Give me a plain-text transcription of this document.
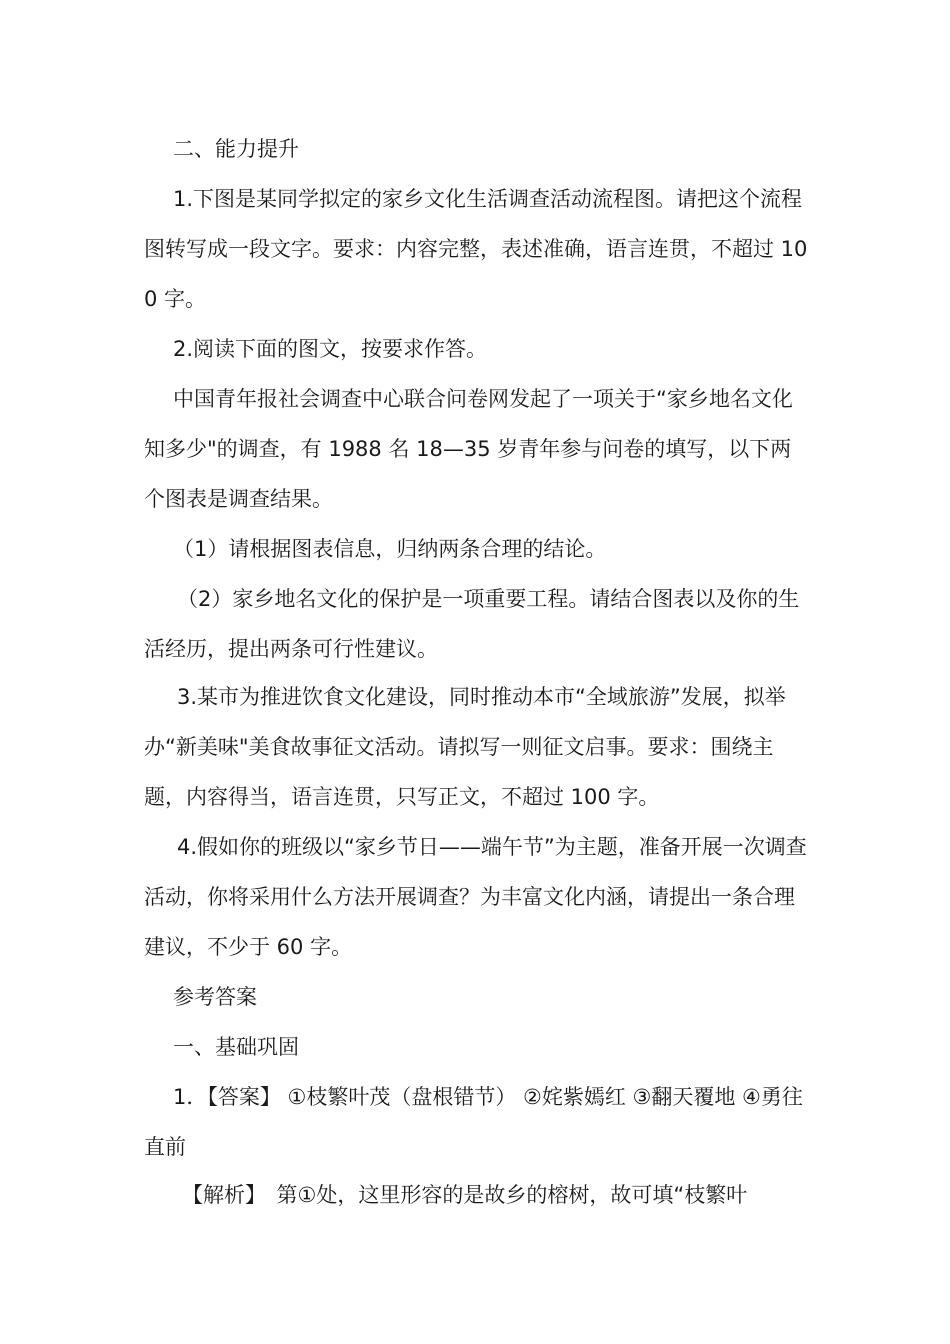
二、能力提升

1.下图是某同学拟定的家乡文化生活调查活动流程图。请把这个流程图转写成一段文字。要求：内容完整，表述准确，语言连贯，不超过 100 字。

2.阅读下面的图文，按要求作答。

中国青年报社会调查中心联合问卷网发起了一项关于“家乡地名文化知多少"的调查，有 1988 名 18—35 岁青年参与问卷的填写，以下两个图表是调查结果。

（1）请根据图表信息，归纳两条合理的结论。

（2）家乡地名文化的保护是一项重要工程。请结合图表以及你的生活经历，提出两条可行性建议。

3.某市为推进饮食文化建设，同时推动本市“全域旅游”发展，拟举办“新美味"美食故事征文活动。请拟写一则征文启事。要求：围绕主题，内容得当，语言连贯，只写正文，不超过 100 字。

4.假如你的班级以“家乡节日——端午节”为主题，准备开展一次调查活动，你将采用什么方法开展调查？为丰富文化内涵，请提出一条合理建议，不少于 60 字。

参考答案

一、基础巩固

1．【答案】 ①枝繁叶茂（盘根错节） ②姹紫嫣红 ③翻天覆地 ④勇往直前

【解析】　第①处，这里形容的是故乡的榕树，故可填“枝繁叶
